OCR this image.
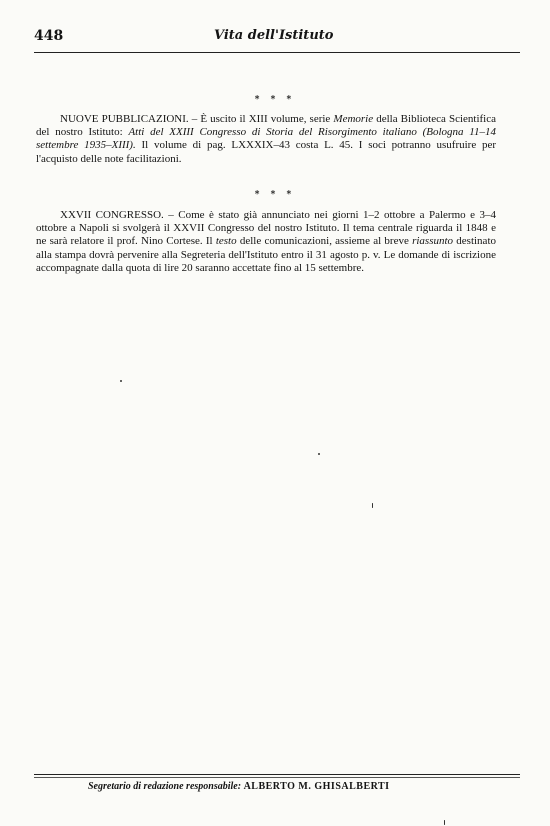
448	Vita dell'Istituto
* * *
NUOVE PUBBLICAZIONI. – È uscito il XIII volume, serie Memorie della Biblioteca Scientifica del nostro Istituto: Atti del XXIII Congresso di Storia del Risorgimento italiano (Bologna 11–14 settembre 1935–XIII). Il volume di pag. LXXXIX–43 costa L. 45. I soci potranno usufruire per l'acquisto delle note facilitazioni.
* * *
XXVII CONGRESSO. – Come è stato già annunciato nei giorni 1–2 ottobre a Palermo e 3–4 ottobre a Napoli si svolgerà il XXVII Congresso del nostro Istituto. Il tema centrale riguarda il 1848 e ne sarà relatore il prof. Nino Cortese. Il testo delle comunicazioni, assieme al breve riassunto destinato alla stampa dovrà pervenire alla Segreteria dell'Istituto entro il 31 agosto p. v. Le domande di iscrizione accompagnate dalla quota di lire 20 saranno accettate fino al 15 settembre.
Segretario di redazione responsabile: ALBERTO M. GHISALBERTI
